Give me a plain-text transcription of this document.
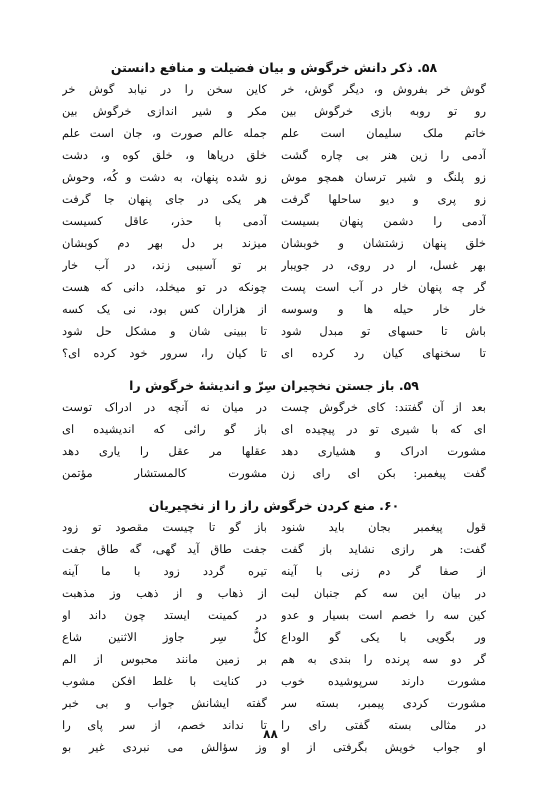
۵۸. ذکر دانش خرگوش و بیان فضیلت و منافع دانستن
گوش خر بفروش و، دیگر گوش، خر
کاین سخن را در نیابد گوش خر
رو تو روبه بازی خرگوش بین
مکر و شیر اندازی خرگوش بین
خاتم ملک سلیمان است علم
جمله عالم صورت و، جان است علم
آدمی را زین هنر بی چاره گشت
خلق دریاها و، خلق کوه و، دشت
زو پلنگ و شیر ترسان همچو موش
زو شده پنهان، به دشت و کُه، وحوش
زو پری و دیو ساحلها گرفت
هر یکی در جای پنهان جا گرفت
آدمی را دشمن پنهان بسیست
آدمی با حذر، عاقل کسیست
خلق پنهان زشتشان و خوبشان
میزند بر دل بهر دم کوبشان
بهر غسل، ار در روی، در جویبار
بر تو آسیبی زند، در آب خار
گر چه پنهان خار در آب است پست
چونکه در تو میخلد، دانی که هست
خار خار حیله ها و وسوسه
از هزاران کس بود، نی یک کسه
باش تا حسهای تو مبدل شود
تا ببینی شان و مشکل حل شود
تا سخنهای کیان رد کرده ای
تا کیان را، سرور خود کرده ای؟
۵۹. باز جستن نخچیران سِرّ و اندیشهٔ خرگوش را
بعد از آن گفتند: کای خرگوش چست
در میان نه آنچه در ادراک توست
ای که با شیری تو در پیچیده ای
باز گو رائی که اندیشیده ای
مشورت ادراک و هشیاری دهد
عقلها مر عقل را یاری دهد
گفت پیغمبر: بکن ای رای زن
مشورت کالمستشار مؤتمن
۶۰. منع کردن خرگوش راز را از نخچیریان
قول پیغمبر بجان باید شنود
باز گو تا چیست مقصود تو زود
گفت: هر رازی نشاید باز گفت
جفت طاق آید گهی، گه طاق جفت
از صفا گر دم زنی با آینه
تیره گردد زود با ما آینه
در بیان این سه کم جنبان لبت
از ذهاب و از ذهب وز مذهبت
کین سه را خصم است بسیار و عدو
در کمینت ایستد چون داند او
ور بگویی با یکی گو الوداع
کلُّ سِر جاوز الاثنین شاع
گر دو سه پرنده را بندی به هم
بر زمین مانند محبوس از الم
مشورت دارند سرپوشیده خوب
در کنایت با غلط افکن مشوب
مشورت کردی پیمبر، بسته سر
گفته ایشانش جواب و بی خبر
در مثالی بسته گفتی رای را
تا نداند خصم، از سر پای را
او جواب خویش بگرفتی از او
وز سؤالش می نبردی غیر بو
۸۸
